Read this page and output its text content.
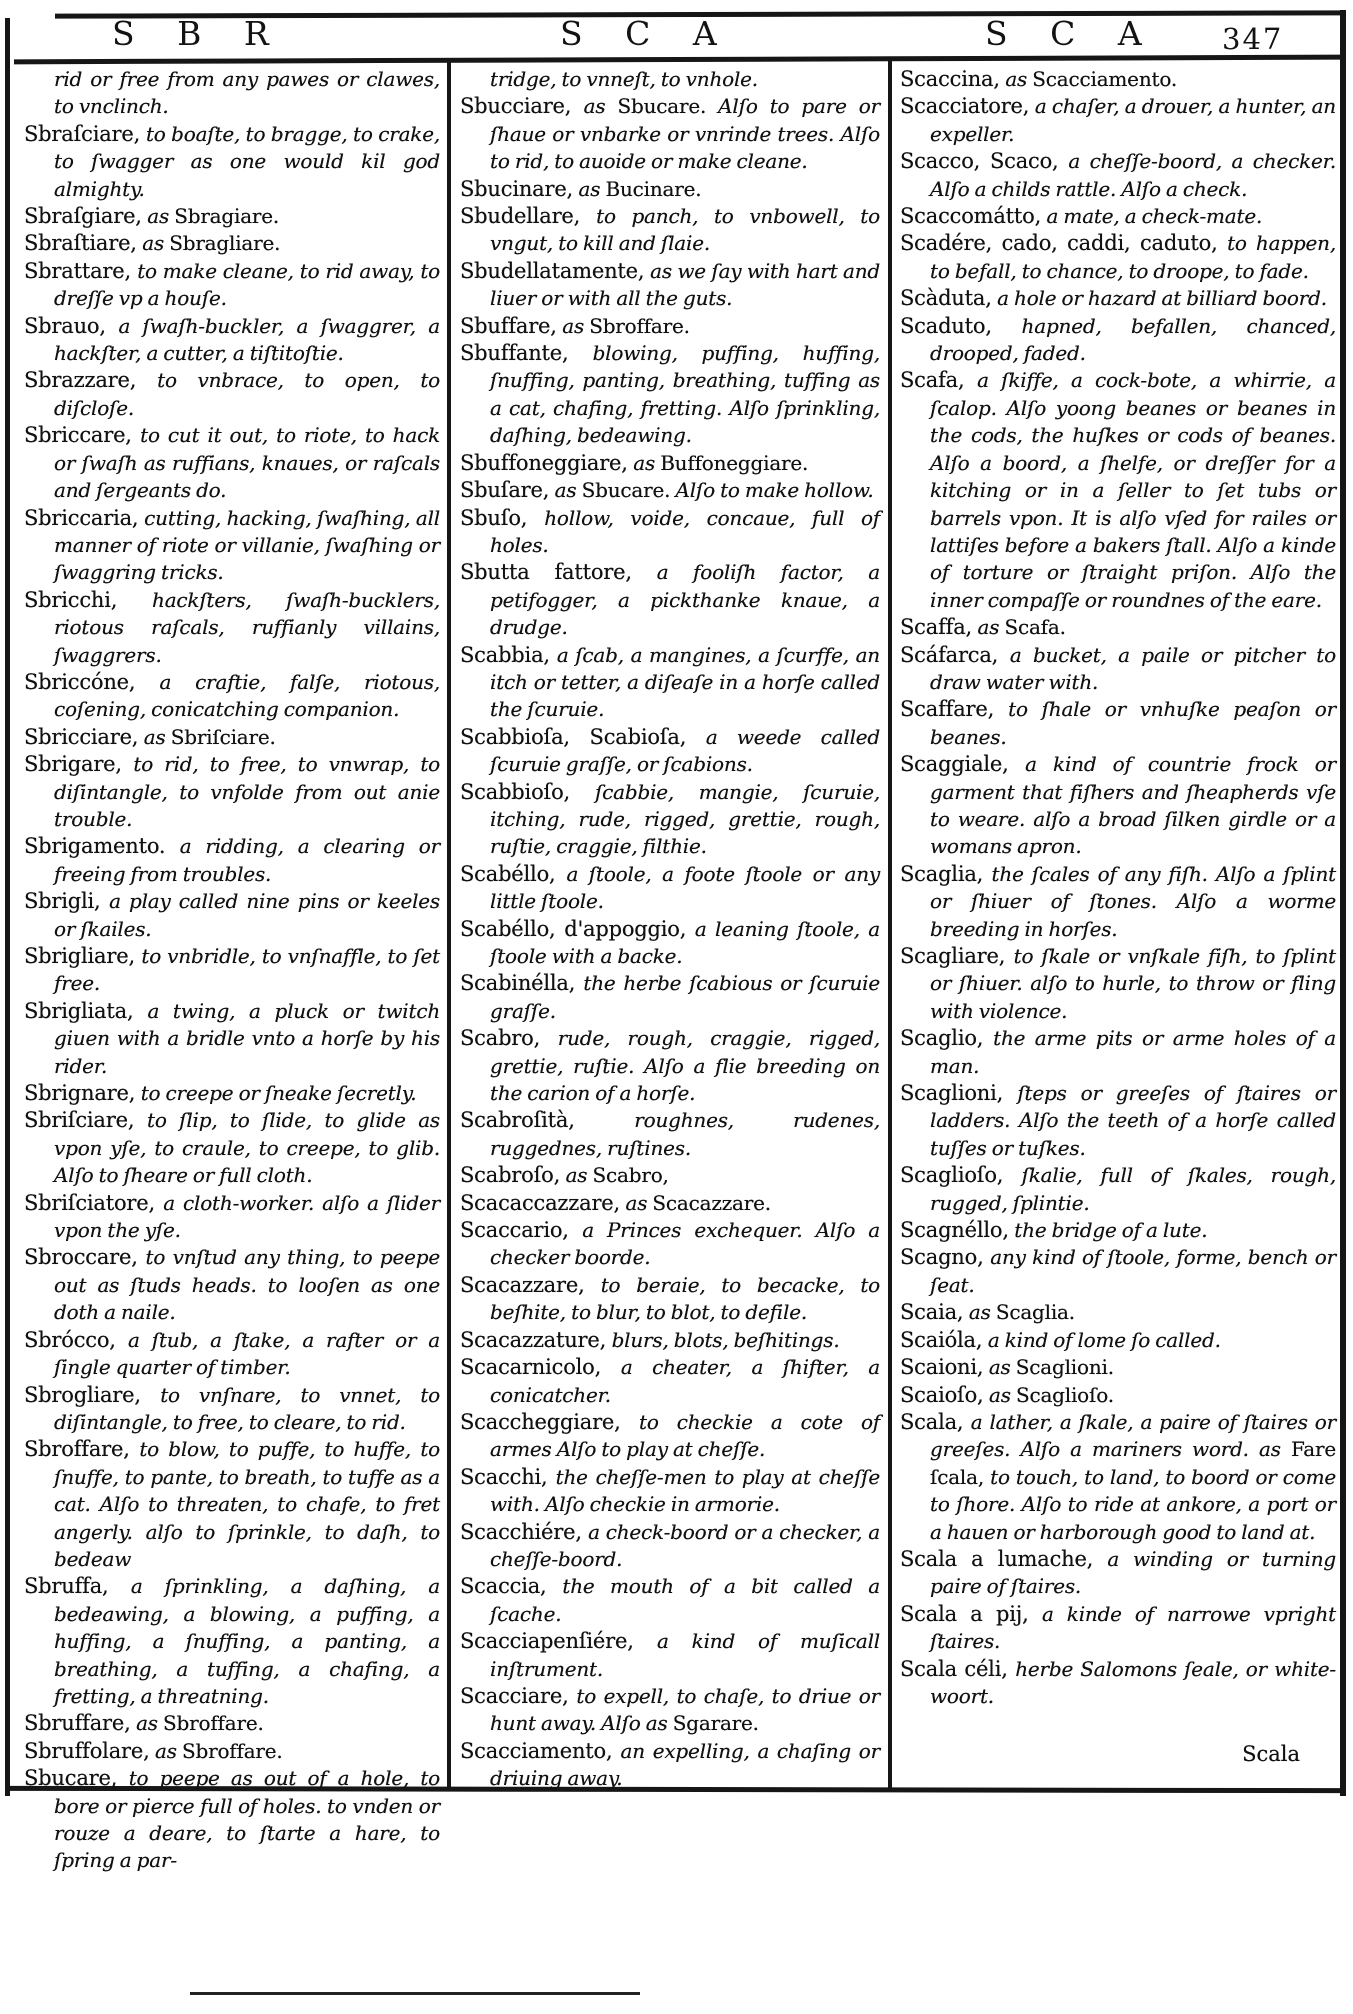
S B R	S C A	S C A 347

rid or free from any pawes or clawes, to vnclinch.

Sbraſciare, to boaſte, to bragge, to crake, to ſwagger as one would kil god almighty.

Sbraſgiare, as Sbragiare.

Sbraſtiare, as Sbragliare.

Sbrattare, to make cleane, to rid away, to dreſſe vp a houſe.

Sbrauo, a ſwaſh-buckler, a ſwaggrer, a hackſter, a cutter, a tiſtitoſtie.

Sbrazzare, to vnbrace, to open, to diſcloſe.

Sbriccare, to cut it out, to riote, to hack or ſwaſh as ruffians, knaues, or raſcals and ſergeants do.

Sbriccaria, cutting, hacking, ſwaſhing, all manner of riote or villanie, ſwaſhing or ſwaggring tricks.

Sbricchi, hackſters, ſwaſh-bucklers, riotous raſcals, ruffianly villains, ſwaggrers.

Sbriccóne, a craftie, falſe, riotous, coſening, conicatching companion.

Sbricciare, as Sbriſciare.

Sbrigare, to rid, to free, to vnwrap, to diſintangle, to vnfolde from out anie trouble.

Sbrigamento. a ridding, a clearing or freeing from troubles.

Sbrigli, a play called nine pins or keeles or ſkailes.

Sbrigliare, to vnbridle, to vnſnaffle, to ſet free.

Sbrigliata, a twing, a pluck or twitch giuen with a bridle vnto a horſe by his rider.

Sbrignare, to creepe or ſneake ſecretly.

Sbriſciare, to ſlip, to ſlide, to glide as vpon yſe, to craule, to creepe, to glib. Alſo to ſheare or full cloth.

Sbriſciatore, a cloth-worker. alſo a ſlider vpon the yſe.

Sbroccare, to vnſtud any thing, to peepe out as ſtuds heads. to looſen as one doth a naile.

Sbrócco, a ſtub, a ſtake, a rafter or a ſingle quarter of timber.

Sbrogliare, to vnſnare, to vnnet, to diſintangle, to free, to cleare, to rid.

Sbroffare, to blow, to puffe, to huffe, to ſnuffe, to pante, to breath, to tuffe as a cat. Alſo to threaten, to chafe, to fret angerly. alſo to ſprinkle, to daſh, to bedeaw

Sbruffa, a ſprinkling, a daſhing, a bedeawing, a blowing, a puffing, a huffing, a ſnuffing, a panting, a breathing, a tuffing, a chafing, a fretting, a threatning.

Sbruffare, as Sbroffare.

Sbruffolare, as Sbroffare.

Sbucare, to peepe as out of a hole, to bore or pierce full of holes. to vnden or rouze a deare, to ſtarte a hare, to ſpring a par-

tridge, to vnneſt, to vnhole.

Sbucciare, as Sbucare. Alſo to pare or ſhaue or vnbarke or vnrinde trees. Alſo to rid, to auoide or make cleane.

Sbucinare, as Bucinare.

Sbudellare, to panch, to vnbowell, to vngut, to kill and ſlaie.

Sbudellatamente, as we ſay with hart and liuer or with all the guts.

Sbuffare, as Sbroffare.

Sbuffante, blowing, puffing, huffing, ſnuffing, panting, breathing, tuffing as a cat, chafing, fretting. Alſo ſprinkling, daſhing, bedeawing.

Sbuffoneggiare, as Buffoneggiare.

Sbuſare, as Sbucare. Alſo to make hollow.

Sbuſo, hollow, voide, concaue, full of holes.

Sbutta fattore, a fooliſh factor, a petifogger, a pickthanke knaue, a drudge.

Scabbia, a ſcab, a mangines, a ſcurffe, an itch or tetter, a diſeaſe in a horſe called the ſcuruie.

Scabbioſa, Scabioſa, a weede called ſcuruie graſſe, or ſcabions.

Scabbioſo, ſcabbie, mangie, ſcuruie, itching, rude, rigged, grettie, rough, ruſtie, craggie, filthie.

Scabéllo, a ſtoole, a foote ſtoole or any little ſtoole.

Scabéllo, d'appoggio, a leaning ſtoole, a ſtoole with a backe.

Scabinélla, the herbe ſcabious or ſcuruie graſſe.

Scabro, rude, rough, craggie, rigged, grettie, ruſtie. Alſo a flie breeding on the carion of a horſe.

Scabroſità, roughnes, rudenes, ruggednes, ruſtines.

Scabroſo, as Scabro,

Scacaccazzare, as Scacazzare.

Scaccario, a Princes exchequer. Alſo a checker boorde.

Scacazzare, to beraie, to becacke, to beſhite, to blur, to blot, to defile.

Scacazzature, blurs, blots, beſhitings.

Scacarnicolo, a cheater, a ſhifter, a conicatcher.

Scaccheggiare, to checkie a cote of armes Alſo to play at cheſſe.

Scacchi, the cheſſe-men to play at cheſſe with. Alſo checkie in armorie.

Scacchiére, a check-boord or a checker, a cheſſe-boord.

Scaccia, the mouth of a bit called a ſcache.

Scacciapenſiére, a kind of muſicall inſtrument.

Scacciare, to expell, to chaſe, to driue or hunt away. Alſo as Sgarare.

Scacciamento, an expelling, a chaſing or driuing away.

Scaccina, as Scacciamento.

Scacciatore, a chaſer, a drouer, a hunter, an expeller.

Scacco, Scaco, a cheſſe-boord, a checker. Alſo a childs rattle. Alſo a check.

Scaccomátto, a mate, a check-mate.

Scadére, cado, caddi, caduto, to happen, to befall, to chance, to droope, to fade.

Scàduta, a hole or hazard at billiard boord.

Scaduto, hapned, befallen, chanced, drooped, faded.

Scafa, a ſkiffe, a cock-bote, a whirrie, a ſcalop. Alſo yoong beanes or beanes in the cods, the huſkes or cods of beanes. Alſo a boord, a ſhelfe, or dreſſer for a kitching or in a ſeller to ſet tubs or barrels vpon. It is alſo vſed for railes or lattiſes before a bakers ſtall. Alſo a kinde of torture or ſtraight priſon. Alſo the inner compaſſe or roundnes of the eare.

Scaffa, as Scafa.

Scáfarca, a bucket, a paile or pitcher to draw water with.

Scaffare, to ſhale or vnhuſke peaſon or beanes.

Scaggiale, a kind of countrie frock or garment that fiſhers and ſheapherds vſe to weare. alſo a broad ſilken girdle or a womans apron.

Scaglia, the ſcales of any fiſh. Alſo a ſplint or ſhiuer of ſtones. Alſo a worme breeding in horſes.

Scagliare, to ſkale or vnſkale fiſh, to ſplint or ſhiuer. alſo to hurle, to throw or fling with violence.

Scaglio, the arme pits or arme holes of a man.

Scaglioni, ſteps or greeſes of ſtaires or ladders. Alſo the teeth of a horſe called tuſſes or tuſkes.

Scaglioſo, ſkalie, full of ſkales, rough, rugged, ſplintie.

Scagnéllo, the bridge of a lute.

Scagno, any kind of ſtoole, forme, bench or ſeat.

Scaia, as Scaglia.

Scaióla, a kind of lome ſo called.

Scaioni, as Scaglioni.

Scaioſo, as Scaglioſo.

Scala, a lather, a ſkale, a paire of ſtaires or greeſes. Alſo a mariners word. as Fare ſcala, to touch, to land, to boord or come to ſhore. Alſo to ride at ankore, a port or a hauen or harborough good to land at.

Scala a lumache, a winding or turning paire of ſtaires.

Scala a pij, a kinde of narrowe vpright ſtaires.

Scala céli, herbe Salomons ſeale, or white-woort.

Scala
